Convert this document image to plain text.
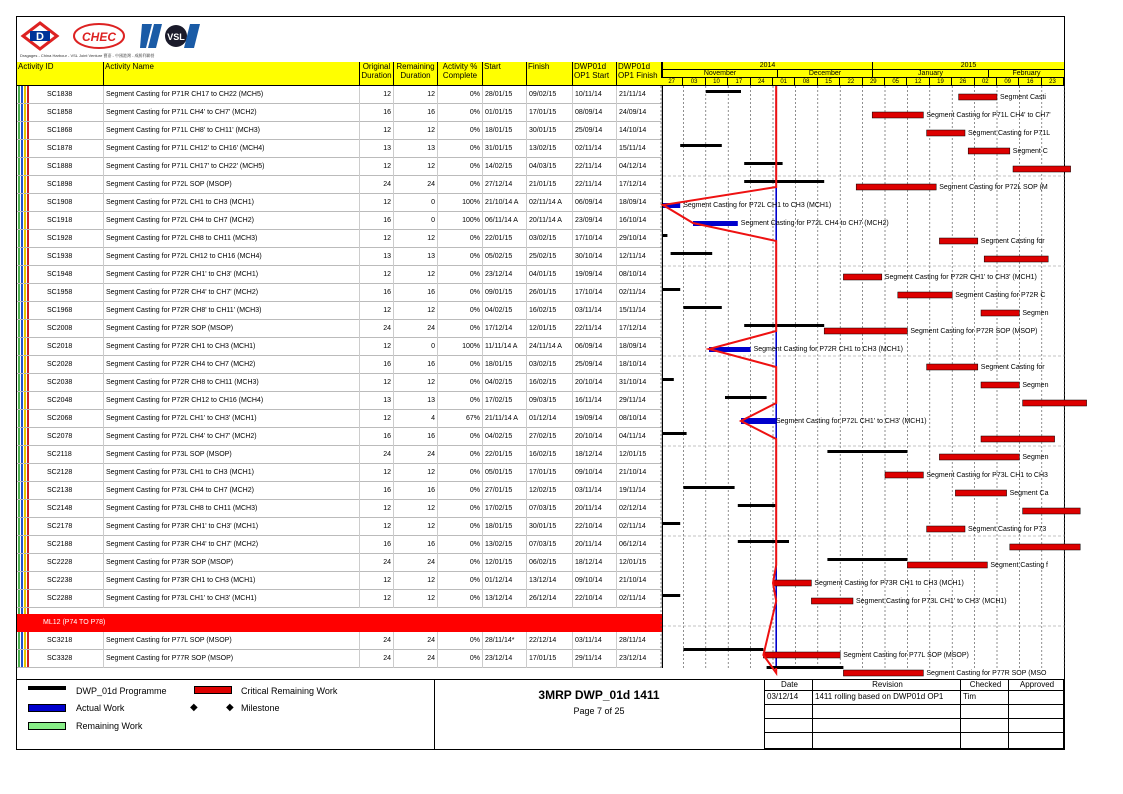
D	CHEC	VSL
Dragages - China Harbour - VSL Joint Venture 寶嘉 - 中國港灣 - 威勝利聯營
Activity ID	Activity Name	Original
Duration
Remaining
Duration
Activity %
Complete
Start	Finish	DWP01d
OP1 Start
DWP01d
OP1 Finish
SC1838	Segment Casting for P71R CH17 to CH22 (MCH5)	12	12	0% 28/01/15	09/02/15	10/11/14	21/11/14
SC1858	Segment Casting for P71L CH4' to CH7' (MCH2)	16	16	0% 01/01/15	17/01/15	08/09/14	24/09/14
SC1868	Segment Casting for P71L CH8' to CH11' (MCH3)	12	12	0% 18/01/15	30/01/15	25/09/14	14/10/14
SC1878	Segment Casting for P71L CH12' to CH16' (MCH4)	13	13	0% 31/01/15	13/02/15	02/11/14	15/11/14
SC1888	Segment Casting for P71L CH17' to CH22' (MCH5)	12	12	0% 14/02/15	04/03/15	22/11/14	04/12/14
SC1898	Segment Casting for P72L SOP (MSOP)	24	24	0% 27/12/14	21/01/15	22/11/14	17/12/14
SC1908	Segment Casting for P72L CH1 to CH3 (MCH1)	12	0	100% 21/10/14 A	02/11/14 A	06/09/14	18/09/14
SC1918	Segment Casting for P72L CH4 to CH7 (MCH2)	16	0	100% 06/11/14 A	20/11/14 A	23/09/14	16/10/14
SC1928	Segment Casting for P72L CH8 to CH11 (MCH3)	12	12	0% 22/01/15	03/02/15	17/10/14	29/10/14
SC1938	Segment Casting for P72L CH12 to CH16 (MCH4)	13	13	0% 05/02/15	25/02/15	30/10/14	12/11/14
SC1948	Segment Casting for P72R CH1' to CH3' (MCH1)	12	12	0% 23/12/14	04/01/15	19/09/14	08/10/14
SC1958	Segment Casting for P72R CH4' to CH7' (MCH2)	16	16	0% 09/01/15	26/01/15	17/10/14	02/11/14
SC1968	Segment Casting for P72R CH8' to CH11' (MCH3)	12	12	0% 04/02/15	16/02/15	03/11/14	15/11/14
SC2008	Segment Casting for P72R SOP (MSOP)	24	24	0% 17/12/14	12/01/15	22/11/14	17/12/14
SC2018	Segment Casting for P72R CH1 to CH3 (MCH1)	12	0	100% 11/11/14 A	24/11/14 A	06/09/14	18/09/14
SC2028	Segment Casting for P72R CH4 to CH7 (MCH2)	16	16	0% 18/01/15	03/02/15	25/09/14	18/10/14
SC2038	Segment Casting for P72R CH8 to CH11 (MCH3)	12	12	0% 04/02/15	16/02/15	20/10/14	31/10/14
SC2048	Segment Casting for P72R CH12 to CH16 (MCH4)	13	13	0% 17/02/15	09/03/15	16/11/14	29/11/14
SC2068	Segment Casting for P72L CH1' to CH3' (MCH1)	12	4	67% 21/11/14 A	01/12/14	19/09/14	08/10/14
SC2078	Segment Casting for P72L CH4' to CH7' (MCH2)	16	16	0% 04/02/15	27/02/15	20/10/14	04/11/14
SC2118	Segment Casting for P73L SOP (MSOP)	24	24	0% 22/01/15	16/02/15	18/12/14	12/01/15
SC2128	Segment Casting for P73L CH1 to CH3 (MCH1)	12	12	0% 05/01/15	17/01/15	09/10/14	21/10/14
SC2138	Segment Casting for P73L CH4 to CH7 (MCH2)	16	16	0% 27/01/15	12/02/15	03/11/14	19/11/14
SC2148	Segment Casting for P73L CH8 to CH11 (MCH3)	12	12	0% 17/02/15	07/03/15	20/11/14	02/12/14
SC2178	Segment Casting for P73R CH1' to CH3' (MCH1)	12	12	0% 18/01/15	30/01/15	22/10/14	02/11/14
SC2188	Segment Casting for P73R CH4' to CH7' (MCH2)	16	16	0% 13/02/15	07/03/15	20/11/14	06/12/14
SC2228	Segment Casting for P73R SOP (MSOP)	24	24	0% 12/01/15	06/02/15	18/12/14	12/01/15
SC2238	Segment Casting for P73R CH1 to CH3 (MCH1)	12	12	0% 01/12/14	13/12/14	09/10/14	21/10/14
SC2288	Segment Casting for P73L CH1' to CH3' (MCH1)	12	12	0% 13/12/14	26/12/14	22/10/14	02/11/14
SC3218	Segment Casting for P77L SOP (MSOP)	24	24	0% 28/11/14*	22/12/14	03/11/14	28/11/14
SC3328	Segment Casting for P77R SOP (MSOP)	24	24	0% 23/12/14	17/01/15	29/11/14	23/12/14
ML12 (P74 TO P78)
2014	2015
November	December	January	February
27	03	10	17	24	01	08	15	22	29	05	12	19	26	02	09	16	23
Segment Casti
Segment Casting for P71L CH4' to CH7'
Segment Casting for P71L
Segment C
Segment Casting for P72L SOP (M
Segment Casting for P72L CH1 to CH3 (MCH1)
Segment Casting for P72L CH4 to CH7 (MCH2)
Segment Casting for
Segment Casting for P72R CH1' to CH3' (MCH1)
Segment Casting for P72R C
Segmen
Segment Casting for P72R SOP (MSOP)
Segment Casting for P72R CH1 to CH3 (MCH1)
Segment Casting for
Segmen
Segment Casting for P72L CH1' to CH3' (MCH1)
Segmen
Segment Casting for P73L CH1 to CH3
Segment Ca
Segment Casting for P73
Segment Casting f
Segment Casting for P73R CH1 to CH3 (MCH1)
Segment Casting for P73L CH1' to CH3' (MCH1)
Segment Casting for P77L SOP (MSOP)
Segment Casting for P77R SOP (MSO
DWP_01d Programme	Critical Remaining Work
Actual Work	◆	◆ Milestone
Remaining Work
3MRP DWP_01d 1411
Page 7 of 25
Date	Revision	Checked	Approved
03/12/14	1411 rolling based on DWP01d OP1	Tim
